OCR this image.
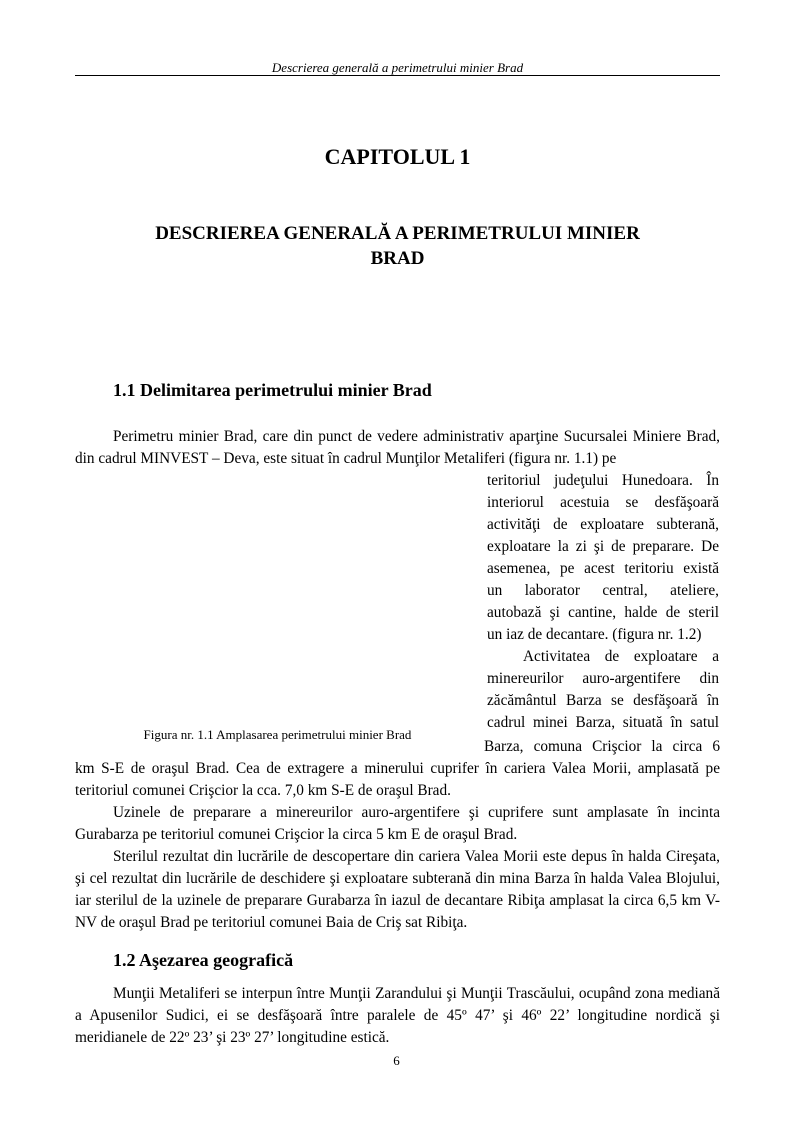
Descrierea generală a perimetrului minier Brad
CAPITOLUL 1
DESCRIEREA GENERALĂ A PERIMETRULUI MINIER
BRAD
1.1 Delimitarea perimetrului minier Brad

Perimetru minier Brad, care din punct de vedere administrativ aparţine Sucursalei Miniere Brad, din cadrul MINVEST – Deva, este situat în cadrul Munţilor Metaliferi (figura nr. 1.1) pe

teritoriul judeţului Hunedoara. În
interiorul acestuia se desfăşoară
activităţi de exploatare subterană,
exploatare la zi şi de preparare. De
asemenea, pe acest teritoriu există
un laborator central, ateliere,
autobază şi cantine, halde de steril
un iaz de decantare. (figura nr. 1.2)
Activitatea de exploatare a
minereurilor auro-argentifere din
zăcământul Barza se desfăşoară în
cadrul minei Barza, situată în satul
Figura nr. 1.1 Amplasarea perimetrului minier Brad
Barza, comuna Crişcior la circa 6

km S-E de oraşul Brad. Cea de extragere a minerului cuprifer în cariera Valea Morii, amplasată pe teritoriul comunei Crişcior la cca. 7,0 km S-E de oraşul Brad.

Uzinele de preparare a minereurilor auro-argentifere şi cuprifere sunt amplasate în incinta Gurabarza pe teritoriul comunei Crişcior la circa 5 km E de oraşul Brad.

Sterilul rezultat din lucrările de descopertare din cariera Valea Morii este depus în halda Cireşata, şi cel rezultat din lucrările de deschidere şi exploatare subterană din mina Barza în halda Valea Blojului, iar sterilul de la uzinele de preparare Gurabarza în iazul de decantare Ribiţa amplasat la circa 6,5 km V-NV de oraşul Brad pe teritoriul comunei Baia de Criş sat Ribiţa.

1.2 Aşezarea geografică

Munţii Metaliferi se interpun între Munţii Zarandului şi Munţii Trascăului, ocupând zona mediană a Apusenilor Sudici, ei se desfăşoară între paralele de 45º 47’ şi 46º 22’ longitudine nordică şi meridianele de 22º 23’ şi 23º 27’ longitudine estică.

6
